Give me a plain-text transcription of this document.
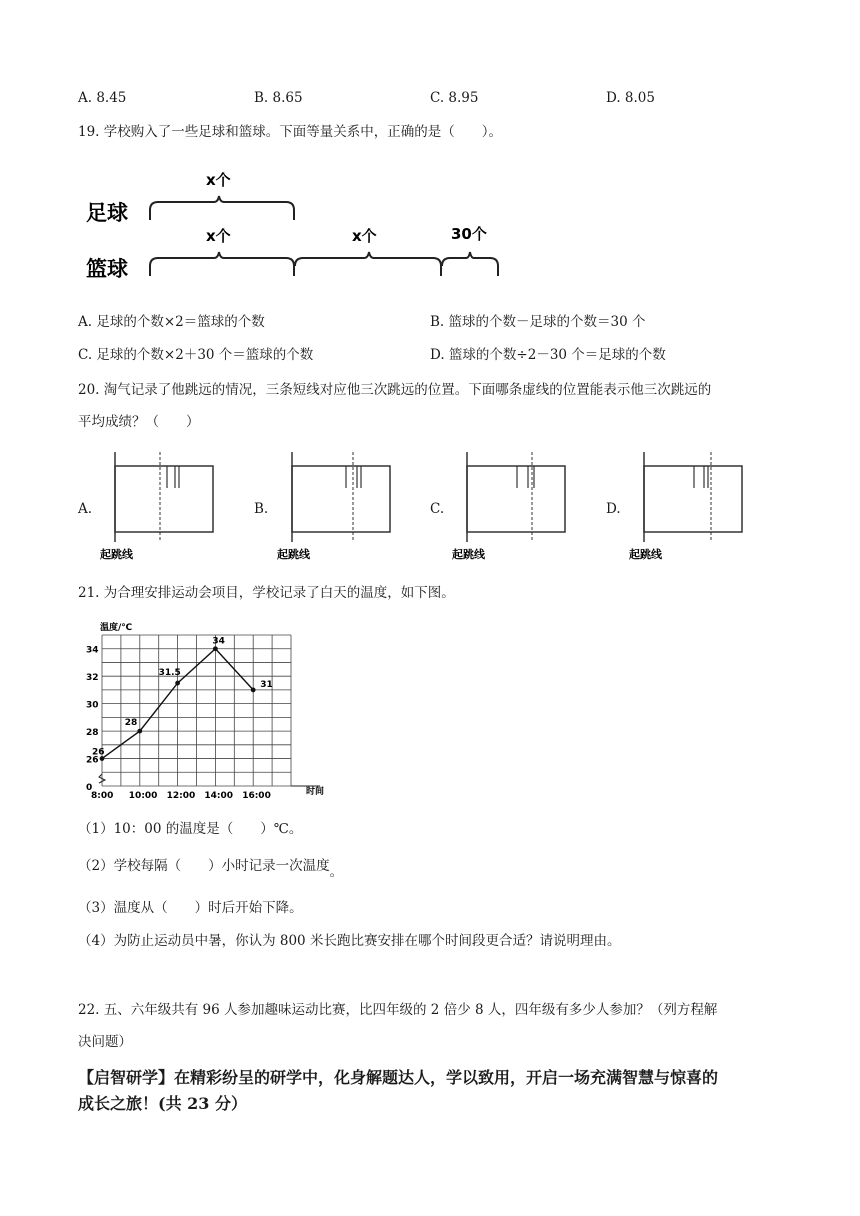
A. 8.45	B. 8.65	C. 8.95	D. 8.05
19. 学校购入了一些足球和篮球。下面等量关系中，正确的是（　　）。
足球
篮球
x个
x个	x个	30个
A. 足球的个数×2＝篮球的个数	B. 篮球的个数－足球的个数＝30 个
C. 足球的个数×2＋30 个＝篮球的个数	D. 篮球的个数÷2－30 个＝足球的个数
20. 淘气记录了他跳远的情况，三条短线对应他三次跳远的位置。下面哪条虚线的位置能表示他三次跳远的
平均成绩？（　　）
A.
起跳线
B.
起跳线
C.
起跳线
D.
起跳线
21. 为合理安排运动会项目，学校记录了白天的温度，如下图。
温度/℃
时间
34
32
30
28
26
0
8:00 10:00 12:00 14:00 16:00
26
28
31.5
34
31
（1）10：00 的温度是（　　）℃。
（2）学校每隔（　　）小时记录一次温度。
（3）温度从（　　）时后开始下降。
（4）为防止运动员中暑，你认为 800 米长跑比赛安排在哪个时间段更合适？请说明理由。
22. 五、六年级共有 96 人参加趣味运动比赛，比四年级的 2 倍少 8 人，四年级有多少人参加？（列方程解
决问题）
【启智研学】在精彩纷呈的研学中，化身解题达人，学以致用，开启一场充满智慧与惊喜的
成长之旅！(共 23 分）
